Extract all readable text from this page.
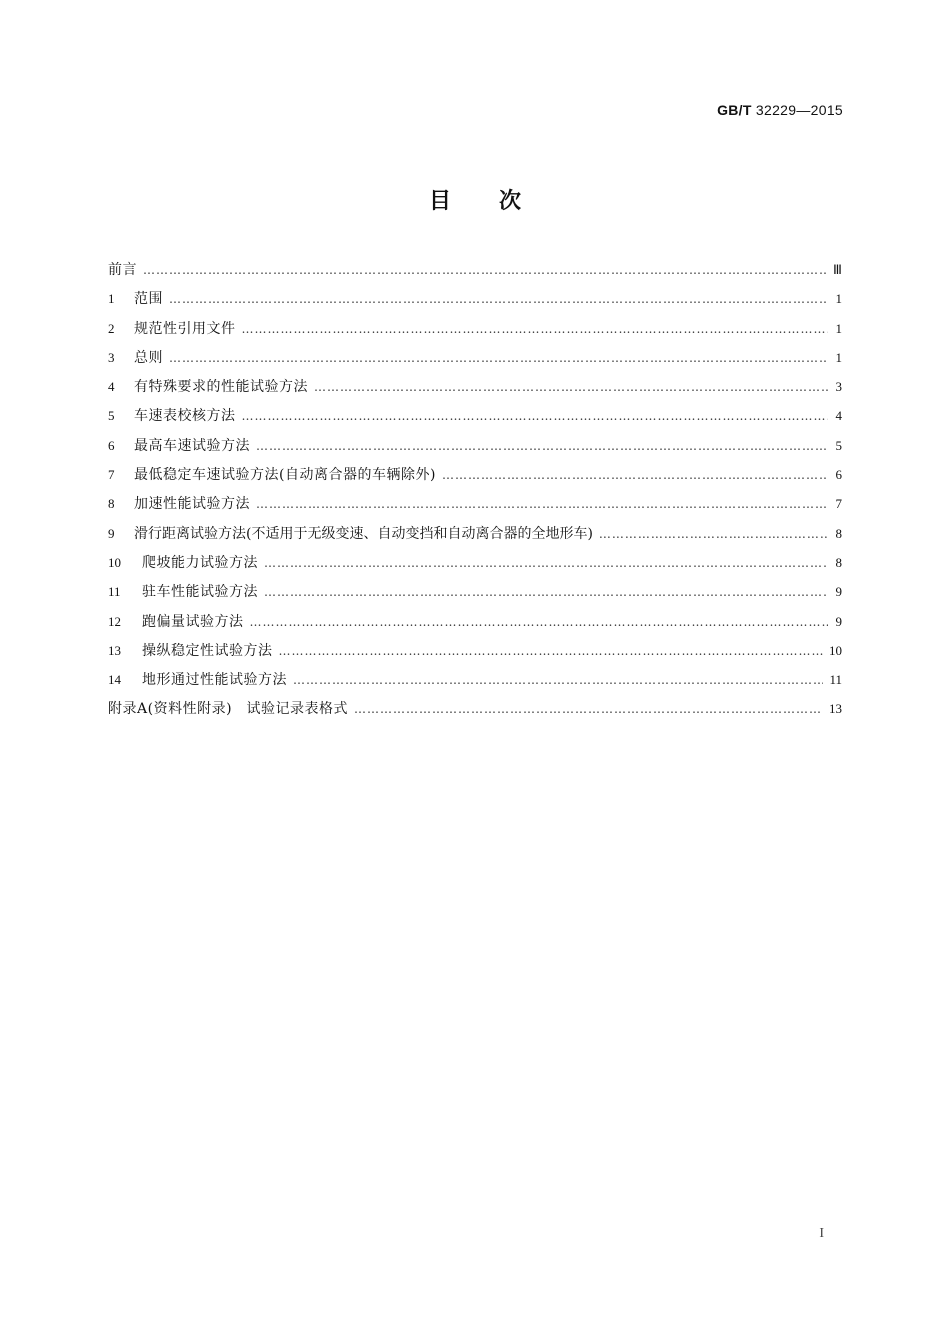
GB/T 32229—2015
目次
前言 ……………………………………………………………………………………………………………………………………………………………………………………………………………………………………	Ⅲ
1	范围 ……………………………………………………………………………………………………………………………………………………………………………………………………………………………………	1
2	规范性引用文件 ……………………………………………………………………………………………………………………………………………………………………………………………………………………………………	1
3	总则 ……………………………………………………………………………………………………………………………………………………………………………………………………………………………………	1
4	有特殊要求的性能试验方法 ……………………………………………………………………………………………………………………………………………………………………………………………………………………………………	3
5	车速表校核方法 ……………………………………………………………………………………………………………………………………………………………………………………………………………………………………	4
6	最高车速试验方法 ……………………………………………………………………………………………………………………………………………………………………………………………………………………………………	5
7	最低稳定车速试验方法(自动离合器的车辆除外) ……………………………………………………………………………………………………………………………………………………………………………………………………………………………………	6
8	加速性能试验方法 ……………………………………………………………………………………………………………………………………………………………………………………………………………………………………	7
9	滑行距离试验方法(不适用于无级变速、自动变挡和自动离合器的全地形车) ……………………………………………………………………………………………………………………………………………………………………………………………………………………………………	8
10	爬坡能力试验方法 ……………………………………………………………………………………………………………………………………………………………………………………………………………………………………	8
11	驻车性能试验方法 ……………………………………………………………………………………………………………………………………………………………………………………………………………………………………	9
12	跑偏量试验方法 ……………………………………………………………………………………………………………………………………………………………………………………………………………………………………	9
13	操纵稳定性试验方法 ……………………………………………………………………………………………………………………………………………………………………………………………………………………………………	10
14	地形通过性能试验方法 ……………………………………………………………………………………………………………………………………………………………………………………………………………………………………	11
附录A(资料性附录)　试验记录表格式 ……………………………………………………………………………………………………………………………………………………………………………………………………………………………………	13
I
